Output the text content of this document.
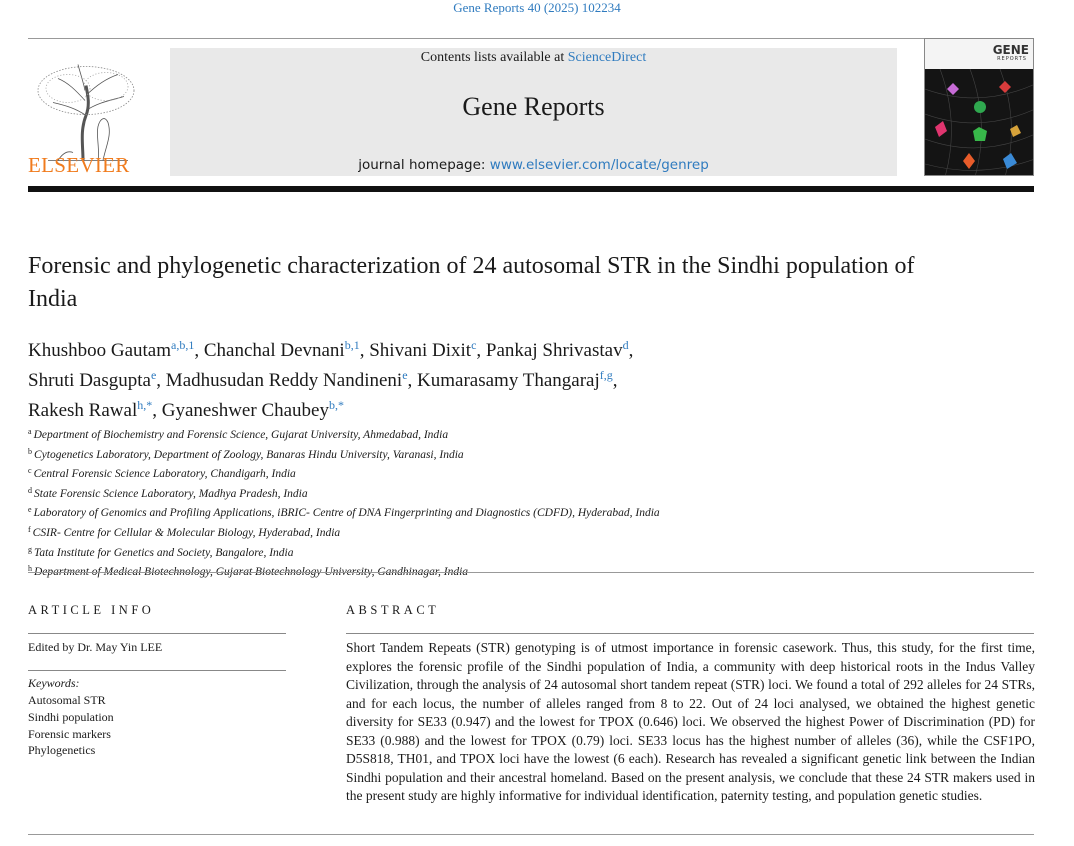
Gene Reports 40 (2025) 102234
ELSEVIER
Contents lists available at ScienceDirect
Gene Reports
journal homepage: www.elsevier.com/locate/genrep
GENE
REPORTS
Forensic and phylogenetic characterization of 24 autosomal STR in the Sindhi population of India
Khushboo Gautam$^{a,b,1}$, Chanchal Devnani$^{b,1}$, Shivani Dixit$^c$, Pankaj Shrivastav$^d$,
Shruti Dasgupta$^e$, Madhusudan Reddy Nandineni$^e$, Kumarasamy Thangaraj$^{f,g}$,
Rakesh Rawal$^{h,*}$, Gyaneshwer Chaubey$^{b,*}$
$^a$ Department of Biochemistry and Forensic Science, Gujarat University, Ahmedabad, India
$^b$ Cytogenetics Laboratory, Department of Zoology, Banaras Hindu University, Varanasi, India
$^c$ Central Forensic Science Laboratory, Chandigarh, India
$^d$ State Forensic Science Laboratory, Madhya Pradesh, India
$^e$ Laboratory of Genomics and Profiling Applications, iBRIC- Centre of DNA Fingerprinting and Diagnostics (CDFD), Hyderabad, India
$^f$ CSIR- Centre for Cellular & Molecular Biology, Hyderabad, India
$^g$ Tata Institute for Genetics and Society, Bangalore, India
$^h$ Department of Medical Biotechnology, Gujarat Biotechnology University, Gandhinagar, India
ARTICLE INFO
Edited by Dr. May Yin LEE
Keywords:
Autosomal STR
Sindhi population
Forensic markers
Phylogenetics
ABSTRACT
Short Tandem Repeats (STR) genotyping is of utmost importance in forensic casework. Thus, this study, for the first time, explores the forensic profile of the Sindhi population of India, a community with deep historical roots in the Indus Valley Civilization, through the analysis of 24 autosomal short tandem repeat (STR) loci. We found a total of 292 alleles for 24 STRs, and for each locus, the number of alleles ranged from 8 to 22. Out of 24 loci analysed, we obtained the highest genetic diversity for SE33 (0.947) and the lowest for TPOX (0.646) loci. We observed the highest Power of Discrimination (PD) for SE33 (0.988) and the lowest for TPOX (0.79) loci. SE33 locus has the highest number of alleles (36), while the CSF1PO, D5S818, TH01, and TPOX loci have the lowest (6 each). Research has revealed a significant genetic link between the Indian Sindhi population and their ancestral homeland. Based on the present analysis, we conclude that these 24 STR makers used in the present study are highly informative for individual identification, paternity testing, and population genetic studies.
